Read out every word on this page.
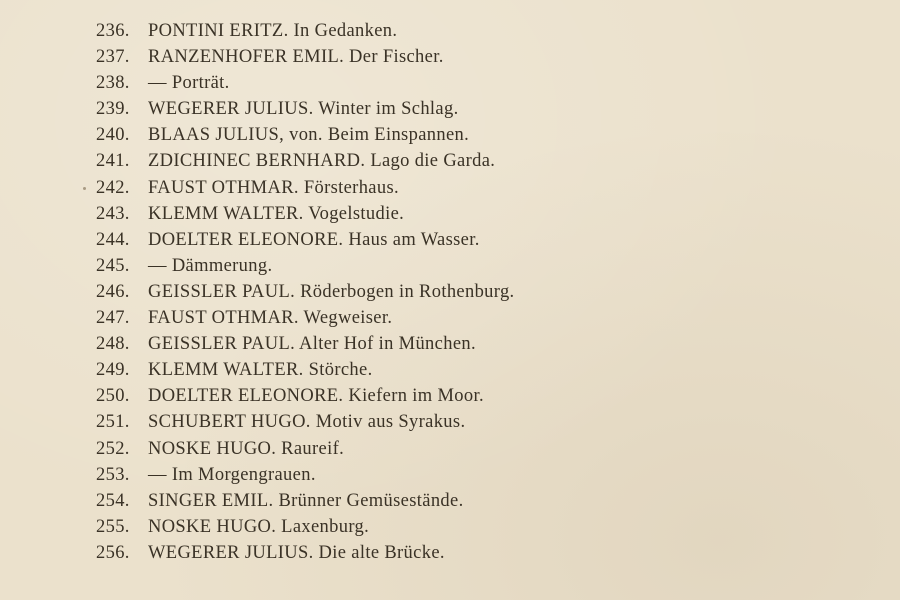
236. PONTINI ERITZ. In Gedanken.
237. RANZENHOFER EMIL. Der Fischer.
238. — Porträt.
239. WEGERER JULIUS. Winter im Schlag.
240. BLAAS JULIUS, von. Beim Einspannen.
241. ZDICHINEC BERNHARD. Lago die Garda.
242. FAUST OTHMAR. Försterhaus.
243. KLEMM WALTER. Vogelstudie.
244. DOELTER ELEONORE. Haus am Wasser.
245. — Dämmerung.
246. GEISSLER PAUL. Röderbogen in Rothenburg.
247. FAUST OTHMAR. Wegweiser.
248. GEISSLER PAUL. Alter Hof in München.
249. KLEMM WALTER. Störche.
250. DOELTER ELEONORE. Kiefern im Moor.
251. SCHUBERT HUGO. Motiv aus Syrakus.
252. NOSKE HUGO. Raureif.
253. — Im Morgengrauen.
254. SINGER EMIL. Brünner Gemüsestände.
255. NOSKE HUGO. Laxenburg.
256. WEGERER JULIUS. Die alte Brücke.
